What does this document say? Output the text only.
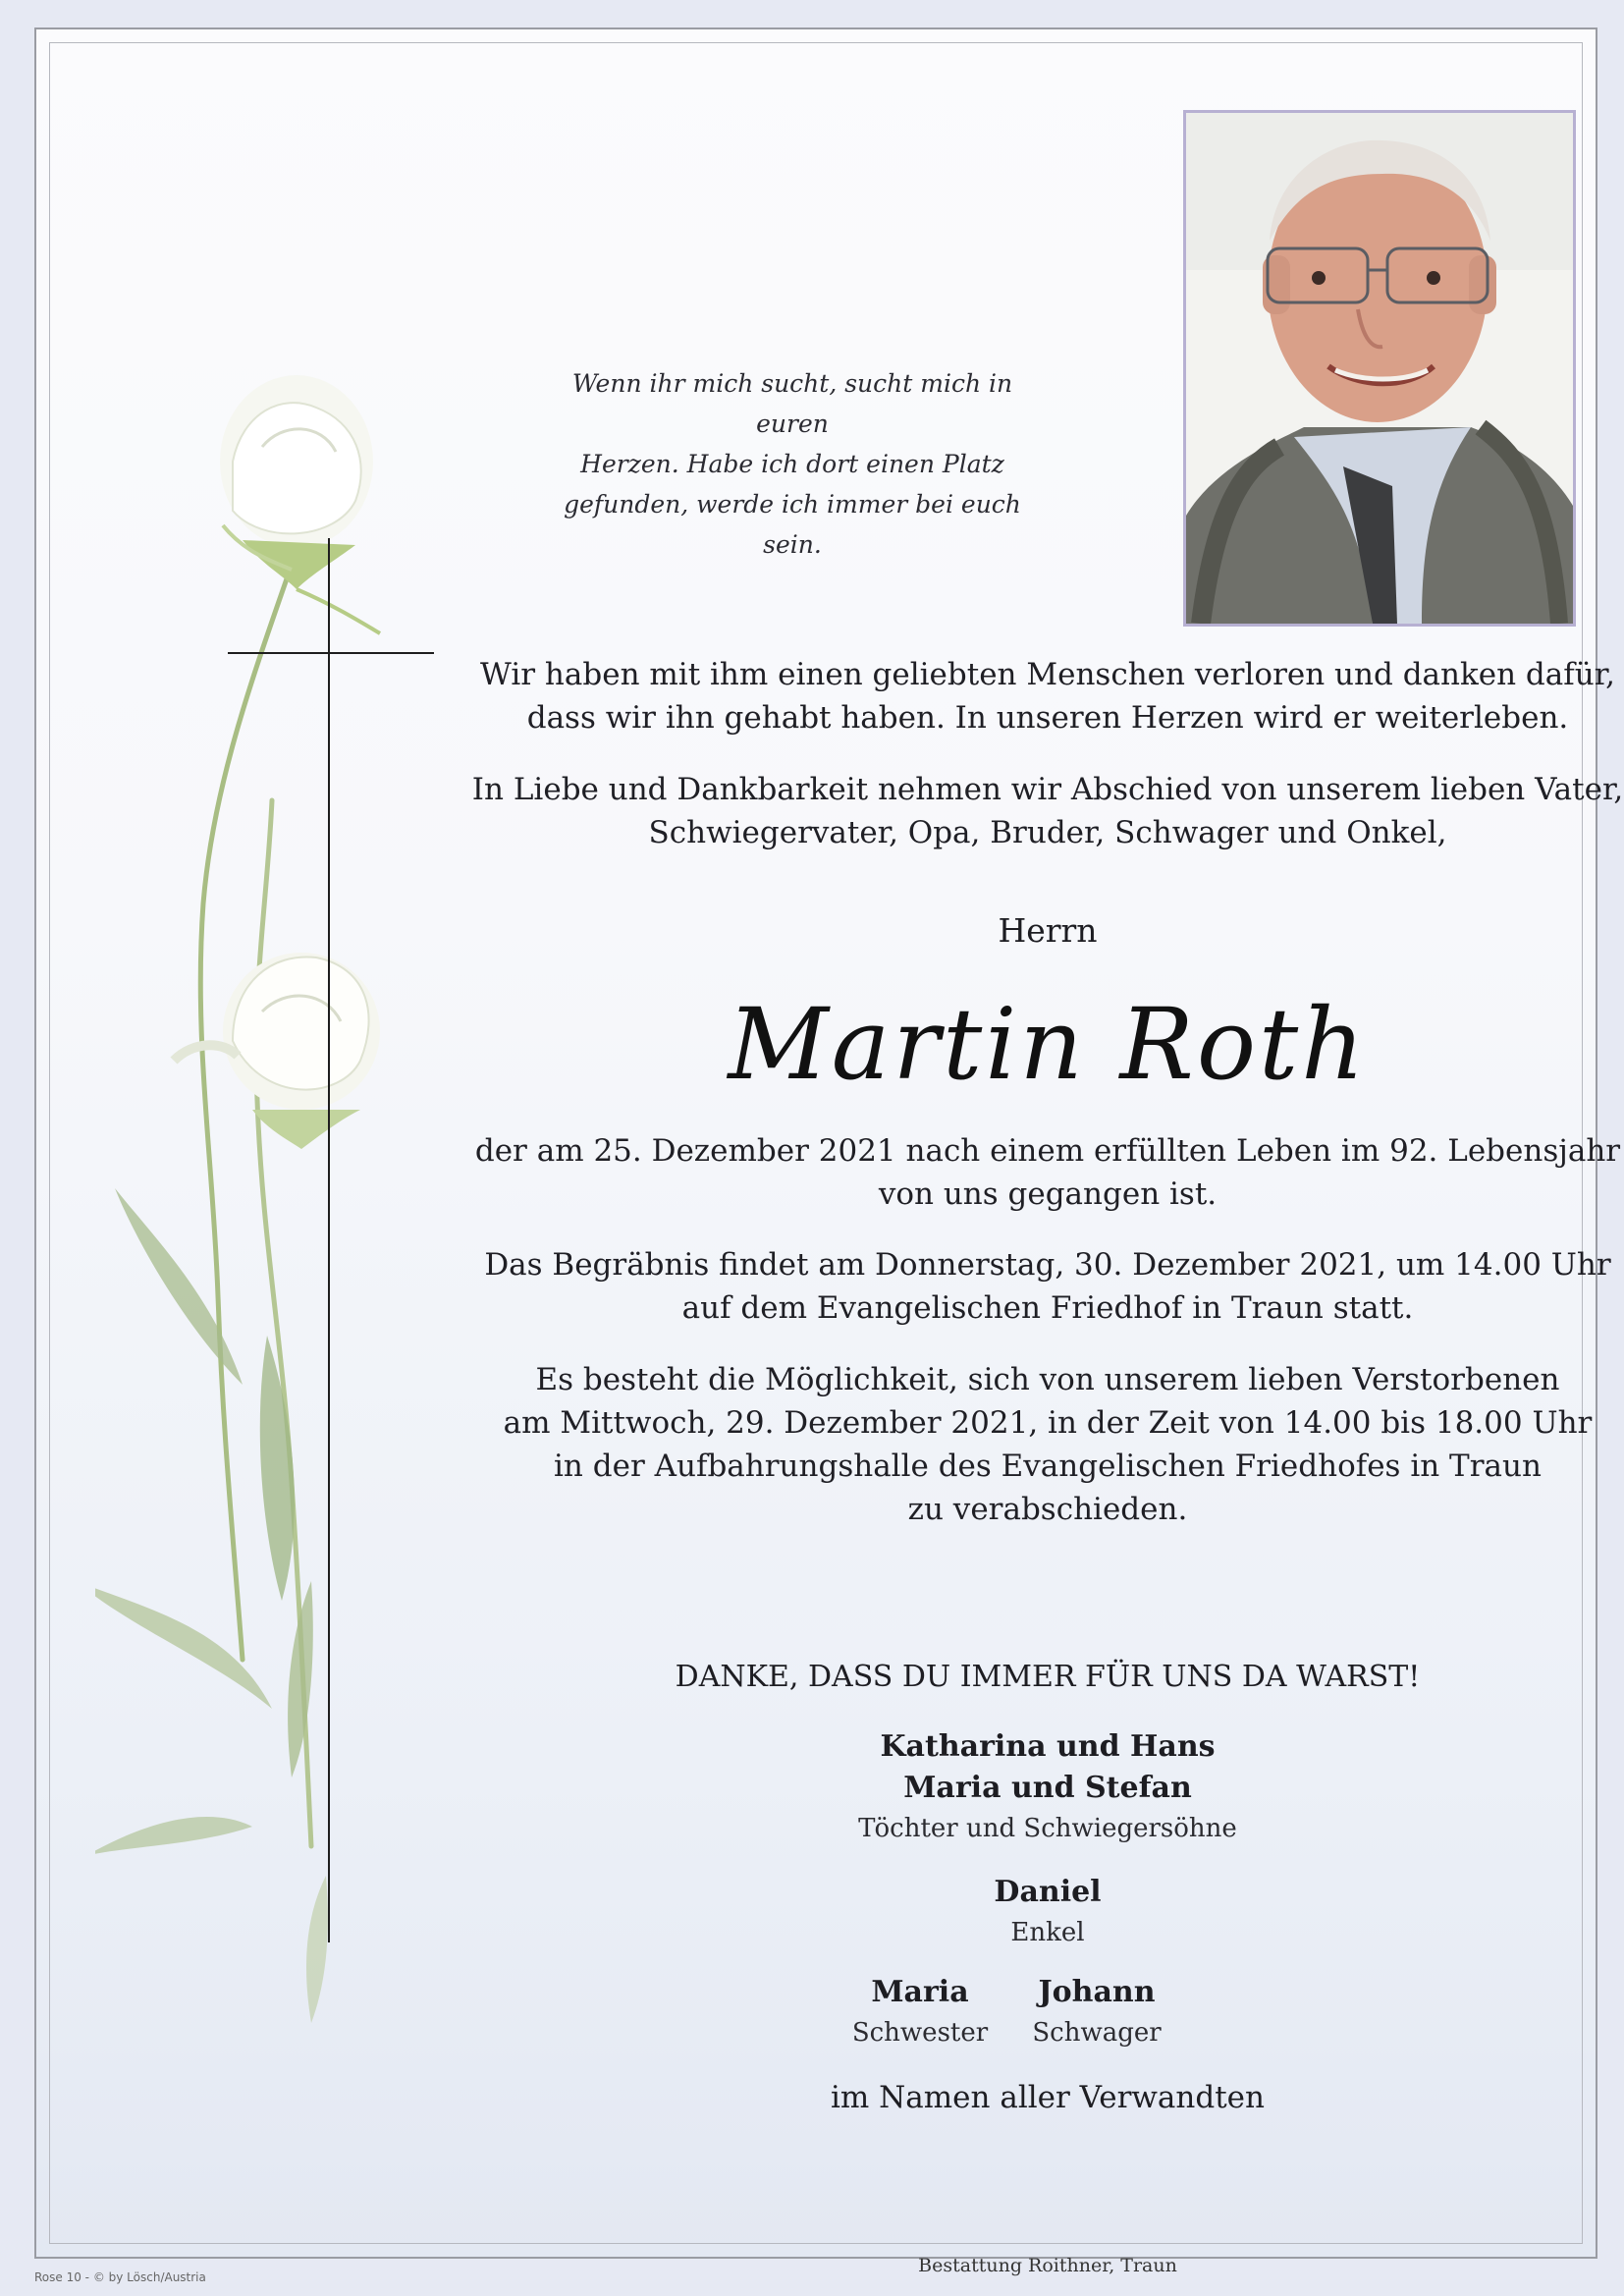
Wenn ihr mich sucht, sucht mich in euren
Herzen. Habe ich dort einen Platz
gefunden, werde ich immer bei euch sein.
Wir haben mit ihm einen geliebten Menschen verloren und danken dafür,
dass wir ihn gehabt haben. In unseren Herzen wird er weiterleben.
In Liebe und Dankbarkeit nehmen wir Abschied von unserem lieben Vater,
Schwiegervater, Opa, Bruder, Schwager und Onkel,
Herrn
Martin Roth
der am 25. Dezember 2021 nach einem erfüllten Leben im 92. Lebensjahr
von uns gegangen ist.
Das Begräbnis findet am Donnerstag, 30. Dezember 2021, um 14.00 Uhr
auf dem Evangelischen Friedhof in Traun statt.
Es besteht die Möglichkeit, sich von unserem lieben Verstorbenen
am Mittwoch, 29. Dezember 2021, in der Zeit von 14.00 bis 18.00 Uhr
in der Aufbahrungshalle des Evangelischen Friedhofes in Traun
zu verabschieden.
DANKE, DASS DU IMMER FÜR UNS DA WARST!
Katharina und Hans
Maria und Stefan
Töchter und Schwiegersöhne
Daniel
Enkel
Maria
Schwester
Johann
Schwager
im Namen aller Verwandten
Bestattung Roithner, Traun
Rose 10 - © by Lösch/Austria
